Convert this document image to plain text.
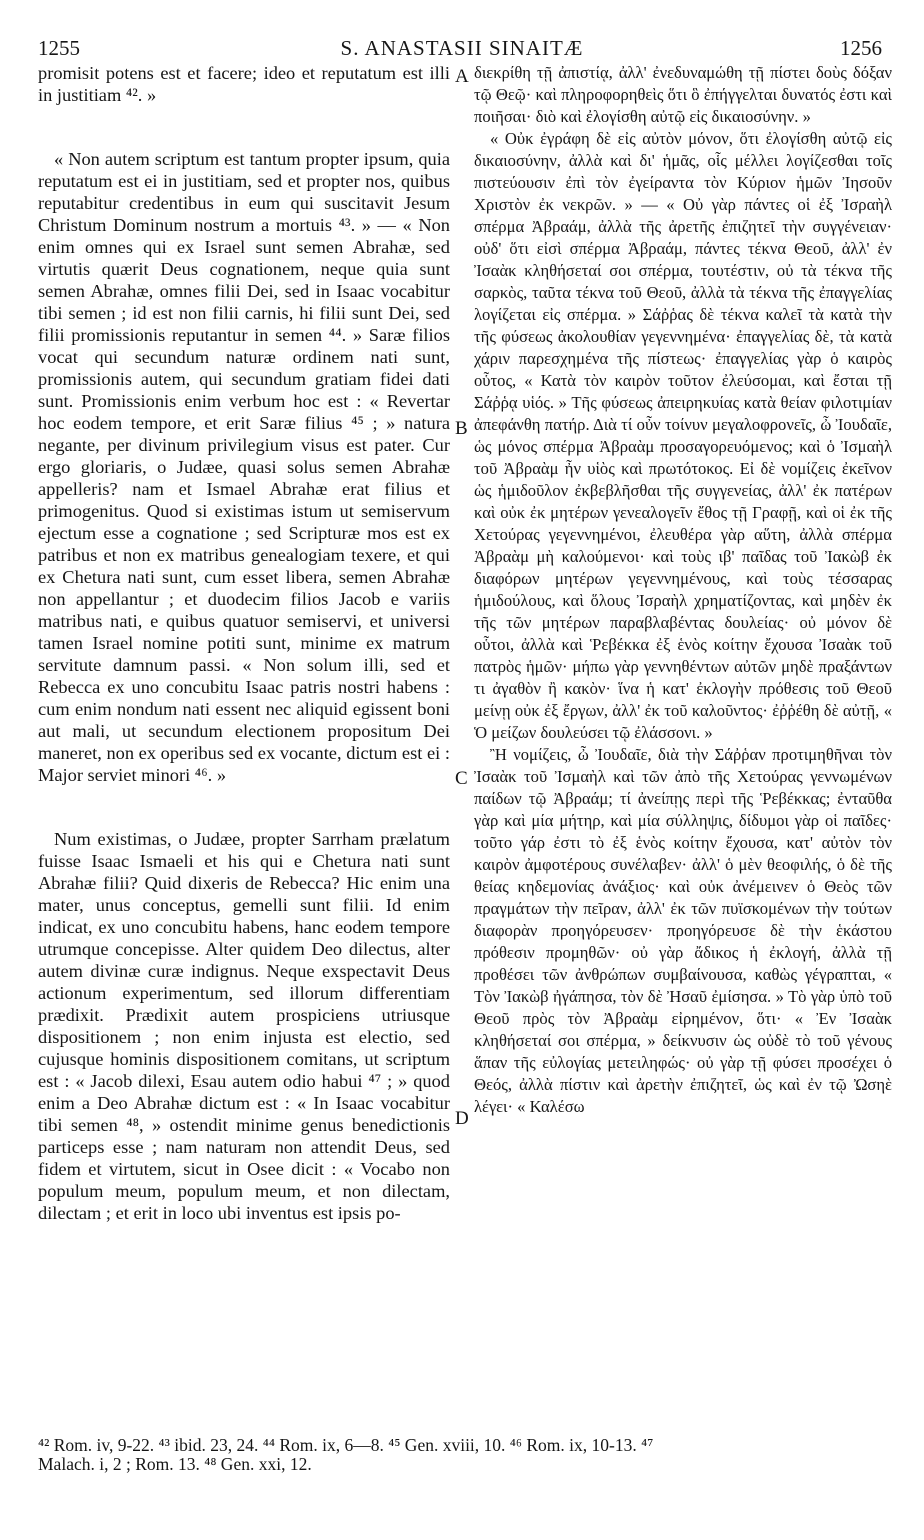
1255	S. ANASTASII SINAITÆ	1256

promisit potens est et facere; ideo et reputatum est illi in justitiam ⁴². »

« Non autem scriptum est tantum propter ipsum, quia reputatum est ei in justitiam, sed et propter nos, quibus reputabitur credentibus in eum qui suscitavit Jesum Christum Dominum nostrum a mortuis ⁴³. » — « Non enim omnes qui ex Israel sunt semen Abrahæ, sed virtutis quærit Deus cognationem, neque quia sunt semen Abrahæ, omnes filii Dei, sed in Isaac vocabitur tibi semen ; id est non filii carnis, hi filii sunt Dei, sed filii promissionis reputantur in semen ⁴⁴. » Saræ filios vocat qui secundum naturæ ordinem nati sunt, promissionis autem, qui secundum gratiam fidei dati sunt. Promissionis enim verbum hoc est : « Revertar hoc eodem tempore, et erit Saræ filius ⁴⁵ ; » natura negante, per divinum privilegium visus est pater. Cur ergo gloriaris, o Judæe, quasi solus semen Abrahæ appelleris? nam et Ismael Abrahæ erat filius et primogenitus. Quod si existimas istum ut semiservum ejectum esse a cognatione ; sed Scripturæ mos est ex patribus et non ex matribus genealogiam texere, et qui ex Chetura nati sunt, cum esset libera, semen Abrahæ non appellantur ; et duodecim filios Jacob e variis matribus nati, e quibus quatuor semiservi, et universi tamen Israel nomine potiti sunt, minime ex matrum servitute damnum passi. « Non solum illi, sed et Rebecca ex uno concubitu Isaac patris nostri habens : cum enim nondum nati essent nec aliquid egissent boni aut mali, ut secundum electionem propositum Dei maneret, non ex operibus sed ex vocante, dictum est ei : Major serviet minori ⁴⁶. »

Num existimas, o Judæe, propter Sarrham prælatum fuisse Isaac Ismaeli et his qui e Chetura nati sunt Abrahæ filii? Quid dixeris de Rebecca? Hic enim una mater, unus conceptus, gemelli sunt filii. Id enim indicat, ex uno concubitu habens, hanc eodem tempore utrumque concepisse. Alter quidem Deo dilectus, alter autem divinæ curæ indignus. Neque exspectavit Deus actionum experimentum, sed illorum differentiam prædixit. Prædixit autem prospiciens utriusque dispositionem ; non enim injusta est electio, sed cujusque hominis dispositionem comitans, ut scriptum est : « Jacob dilexi, Esau autem odio habui ⁴⁷ ; » quod enim a Deo Abrahæ dictum est : « In Isaac vocabitur tibi semen ⁴⁸, » ostendit minime genus benedictionis particeps esse ; nam naturam non attendit Deus, sed fidem et virtutem, sicut in Osee dicit : « Vocabo non populum meum, populum meum, et non dilectam, dilectam ; et erit in loco ubi inventus est ipsis po-

A
B
C
D

διεκρίθη τῇ ἀπιστίᾳ, ἀλλ' ἐνεδυναμώθη τῇ πίστει δοὺς δόξαν τῷ Θεῷ· καὶ πληροφορηθεὶς ὅτι ὃ ἐπήγγελται δυνατός ἐστι καὶ ποιῆσαι· διὸ καὶ ἐλογίσθη αὐτῷ εἰς δικαιοσύνην. »

« Οὐκ ἐγράφη δὲ εἰς αὐτὸν μόνον, ὅτι ἐλογίσθη αὐτῷ εἰς δικαιοσύνην, ἀλλὰ καὶ δι' ἡμᾶς, οἷς μέλλει λογίζεσθαι τοῖς πιστεύουσιν ἐπὶ τὸν ἐγείραντα τὸν Κύριον ἡμῶν Ἰησοῦν Χριστὸν ἐκ νεκρῶν. » — « Οὐ γὰρ πάντες οἱ ἐξ Ἰσραὴλ σπέρμα Ἀβραάμ, ἀλλὰ τῆς ἀρετῆς ἐπιζητεῖ τὴν συγγένειαν· οὐδ' ὅτι εἰσὶ σπέρμα Ἀβραάμ, πάντες τέκνα Θεοῦ, ἀλλ' ἐν Ἰσαὰκ κληθήσεταί σοι σπέρμα, τουτέστιν, οὐ τὰ τέκνα τῆς σαρκὸς, ταῦτα τέκνα τοῦ Θεοῦ, ἀλλὰ τὰ τέκνα τῆς ἐπαγγελίας λογίζεται εἰς σπέρμα. » Σάῤῥας δὲ τέκνα καλεῖ τὰ κατὰ τὴν τῆς φύσεως ἀκολουθίαν γεγεννημένα· ἐπαγγελίας δὲ, τὰ κατὰ χάριν παρεσχημένα τῆς πίστεως· ἐπαγγελίας γὰρ ὁ καιρὸς οὗτος, « Κατὰ τὸν καιρὸν τοῦτον ἐλεύσομαι, καὶ ἔσται τῇ Σάῤῥᾳ υἱός. » Τῆς φύσεως ἀπειρηκυίας κατὰ θείαν φιλοτιμίαν ἀπεφάνθη πατήρ. Διὰ τί οὖν τοίνυν μεγαλοφρονεῖς, ὦ Ἰουδαῖε, ὡς μόνος σπέρμα Ἀβραὰμ προσαγορευόμενος; καὶ ὁ Ἰσμαὴλ τοῦ Ἀβραὰμ ἦν υἱὸς καὶ πρωτότοκος. Εἰ δὲ νομίζεις ἐκεῖνον ὡς ἡμιδοῦλον ἐκβεβλῆσθαι τῆς συγγενείας, ἀλλ' ἐκ πατέρων καὶ οὐκ ἐκ μητέρων γενεαλογεῖν ἔθος τῇ Γραφῇ, καὶ οἱ ἐκ τῆς Χετούρας γεγεννημένοι, ἐλευθέρα γὰρ αὕτη, ἀλλὰ σπέρμα Ἀβραὰμ μὴ καλούμενοι· καὶ τοὺς ιβ' παῖδας τοῦ Ἰακὼβ ἐκ διαφόρων μητέρων γεγεννημένους, καὶ τοὺς τέσσαρας ἡμιδούλους, καὶ ὅλους Ἰσραὴλ χρηματίζοντας, καὶ μηδὲν ἐκ τῆς τῶν μητέρων παραβλαβέντας δουλείας· οὐ μόνον δὲ οὗτοι, ἀλλὰ καὶ Ῥεβέκκα ἐξ ἑνὸς κοίτην ἔχουσα Ἰσαὰκ τοῦ πατρὸς ἡμῶν· μήπω γὰρ γεννηθέντων αὐτῶν μηδὲ πραξάντων τι ἀγαθὸν ἢ κακὸν· ἵνα ἡ κατ' ἐκλογὴν πρόθεσις τοῦ Θεοῦ μείνῃ οὐκ ἐξ ἔργων, ἀλλ' ἐκ τοῦ καλοῦντος· ἐῤῥέθη δὲ αὐτῇ, « Ὁ μείζων δουλεύσει τῷ ἐλάσσονι. »

Ἢ νομίζεις, ὦ Ἰουδαῖε, διὰ τὴν Σάῤῥαν προτιμηθῆναι τὸν Ἰσαὰκ τοῦ Ἰσμαὴλ καὶ τῶν ἀπὸ τῆς Χετούρας γεννωμένων παίδων τῷ Ἀβραάμ; τί ἀνείπῃς περὶ τῆς Ῥεβέκκας; ἐνταῦθα γὰρ καὶ μία μήτηρ, καὶ μία σύλληψις, δίδυμοι γὰρ οἱ παῖδες· τοῦτο γάρ ἐστι τὸ ἐξ ἑνὸς κοίτην ἔχουσα, κατ' αὐτὸν τὸν καιρὸν ἀμφοτέρους συνέλαβεν· ἀλλ' ὁ μὲν θεοφιλής, ὁ δὲ τῆς θείας κηδεμονίας ἀνάξιος· καὶ οὐκ ἀνέμεινεν ὁ Θεὸς τῶν πραγμάτων τὴν πεῖραν, ἀλλ' ἐκ τῶν πυϊσκομένων τὴν τούτων διαφορὰν προηγόρευσεν· προηγόρευσε δὲ τὴν ἑκάστου πρόθεσιν προμηθῶν· οὐ γὰρ ἄδικος ἡ ἐκλογή, ἀλλὰ τῇ προθέσει τῶν ἀνθρώπων συμβαίνουσα, καθὼς γέγραπται, « Τὸν Ἰακὼβ ἠγάπησα, τὸν δὲ Ἠσαῦ ἐμίσησα. » Τὸ γὰρ ὑπὸ τοῦ Θεοῦ πρὸς τὸν Ἀβραὰμ εἰρημένον, ὅτι· « Ἐν Ἰσαὰκ κληθήσεταί σοι σπέρμα, » δείκνυσιν ὡς οὐδὲ τὸ τοῦ γένους ἅπαν τῆς εὐλογίας μετειληφώς· οὐ γὰρ τῇ φύσει προσέχει ὁ Θεός, ἀλλὰ πίστιν καὶ ἀρετὴν ἐπιζητεῖ, ὡς καὶ ἐν τῷ Ὠσηὲ λέγει· « Καλέσω

⁴² Rom. iv, 9-22. ⁴³ ibid. 23, 24. ⁴⁴ Rom. ix, 6—8. ⁴⁵ Gen. xviii, 10. ⁴⁶ Rom. ix, 10-13. ⁴⁷
Malach. i, 2 ; Rom. 13. ⁴⁸ Gen. xxi, 12.
